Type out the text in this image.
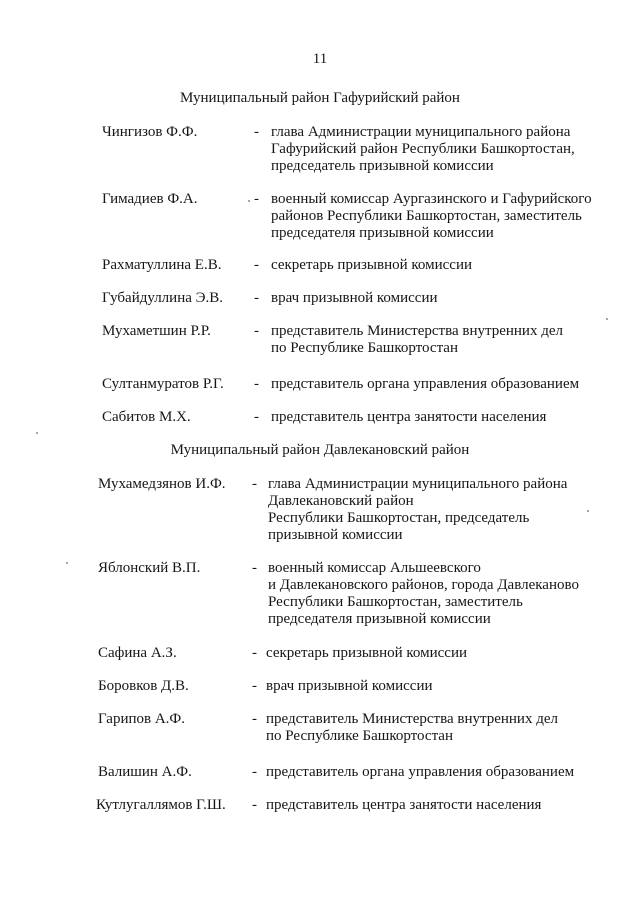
11
Муниципальный район Гафурийский район
Чингизов Ф.Ф.	- глава Администрации муниципального района
Гафурийский район Республики Башкортостан,
председатель призывной комиссии
Гимадиев Ф.А.	- военный комиссар Аургазинского и Гафурийского
районов Республики Башкортостан, заместитель
председателя призывной комиссии
Рахматуллина Е.В. - секретарь призывной комиссии
Губайдуллина Э.В. - врач призывной комиссии
Мухаметшин Р.Р.	- представитель Министерства внутренних дел
по Республике Башкортостан
Султанмуратов Р.Г. - представитель органа управления образованием
Сабитов М.Х.	- представитель центра занятости населения
Муниципальный район Давлекановский район
Мухамедзянов И.Ф. - глава Администрации муниципального района
Давлекановский район
Республики Башкортостан, председатель
призывной комиссии
Яблонский В.П.	- военный комиссар Альшеевского
и Давлекановского районов, города Давлеканово
Республики Башкортостан, заместитель
председателя призывной комиссии
Сафина А.З.	- секретарь призывной комиссии
Боровков Д.В.	- врач призывной комиссии
Гарипов А.Ф.	- представитель Министерства внутренних дел
по Республике Башкортостан
Валишин А.Ф.	- представитель органа управления образованием
Кутлугаллямов Г.Ш. - представитель центра занятости населения
